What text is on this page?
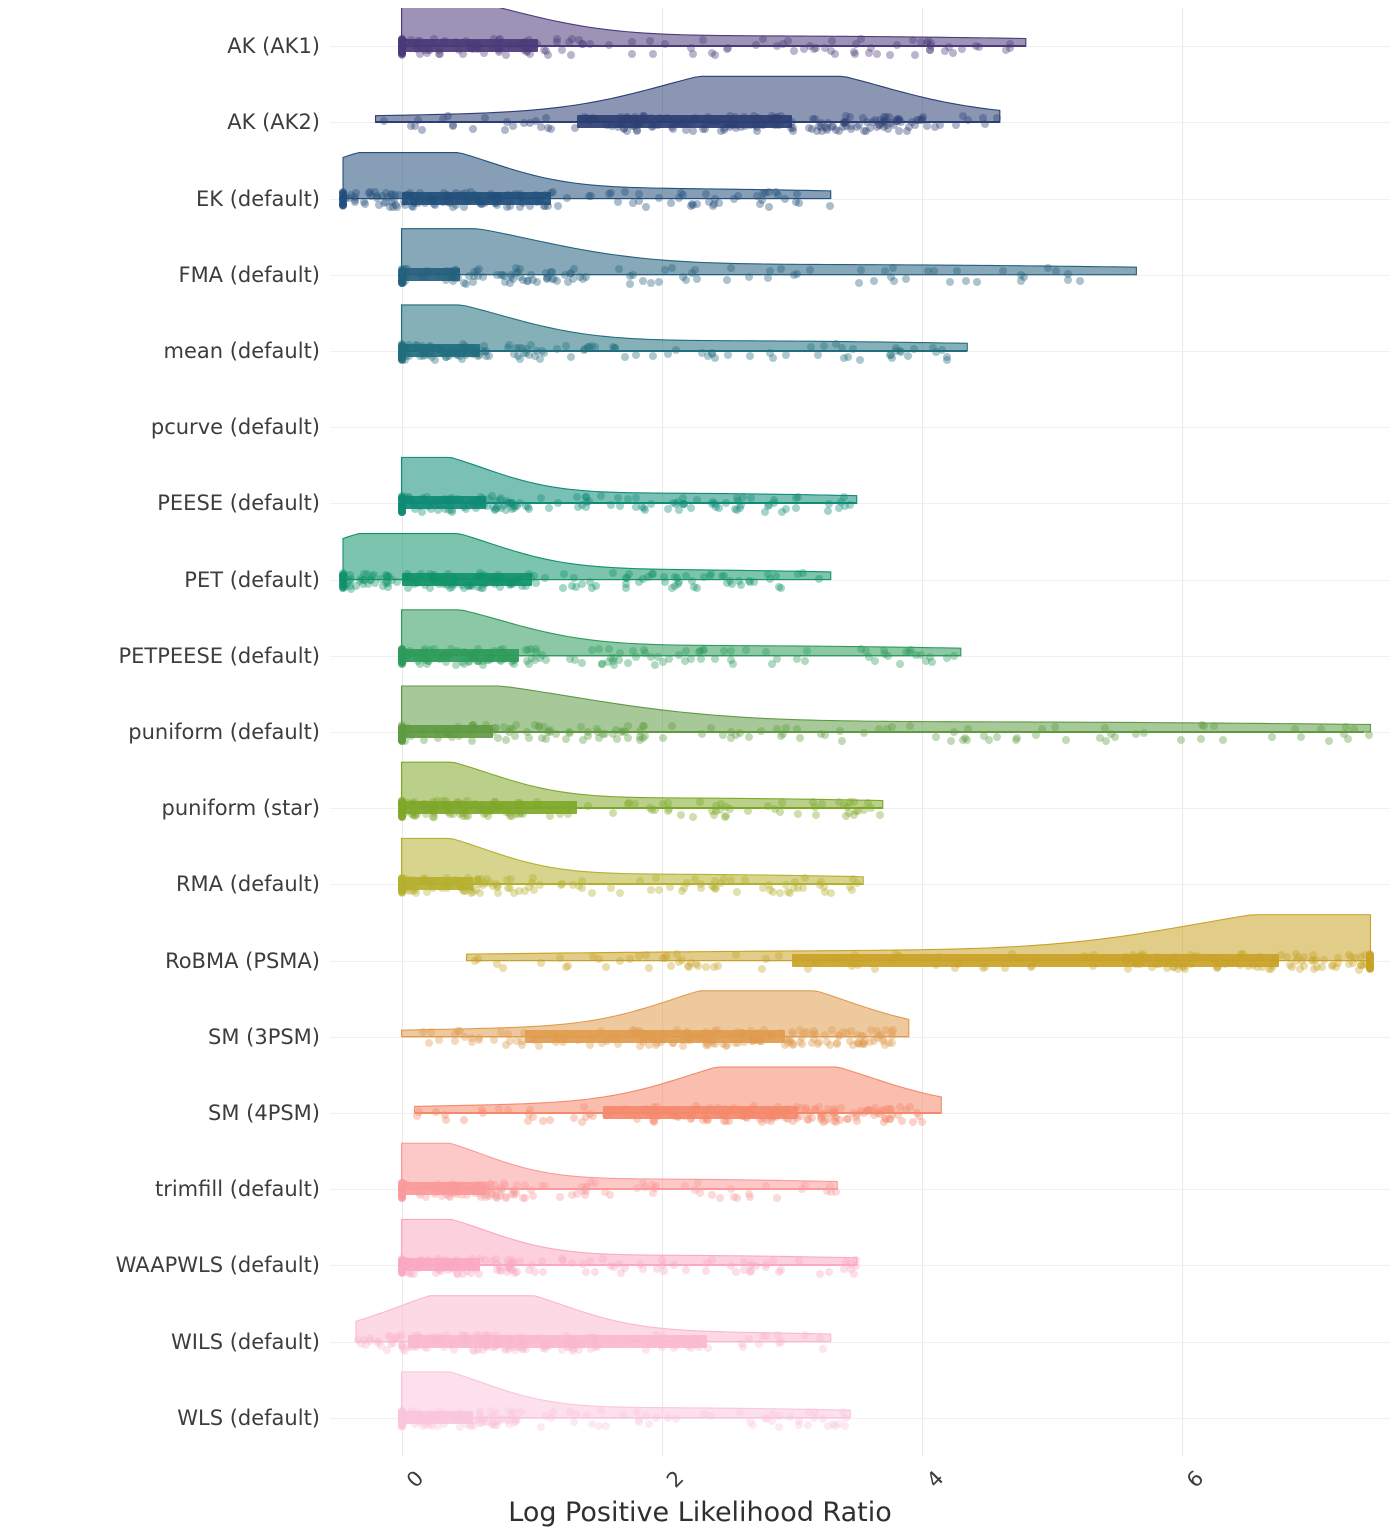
WLS (default)
WILS (default)
WAAPWLS (default)
trimfill (default)
SM (4PSM)
SM (3PSM)
RoBMA (PSMA)
RMA (default)
puniform (star)
puniform (default)
PETPEESE (default)
PET (default)
PEESE (default)
pcurve (default)
mean (default)
FMA (default)
EK (default)
AK (AK2)
AK (AK1)
0	2	4	6
Log Positive Likelihood Ratio
